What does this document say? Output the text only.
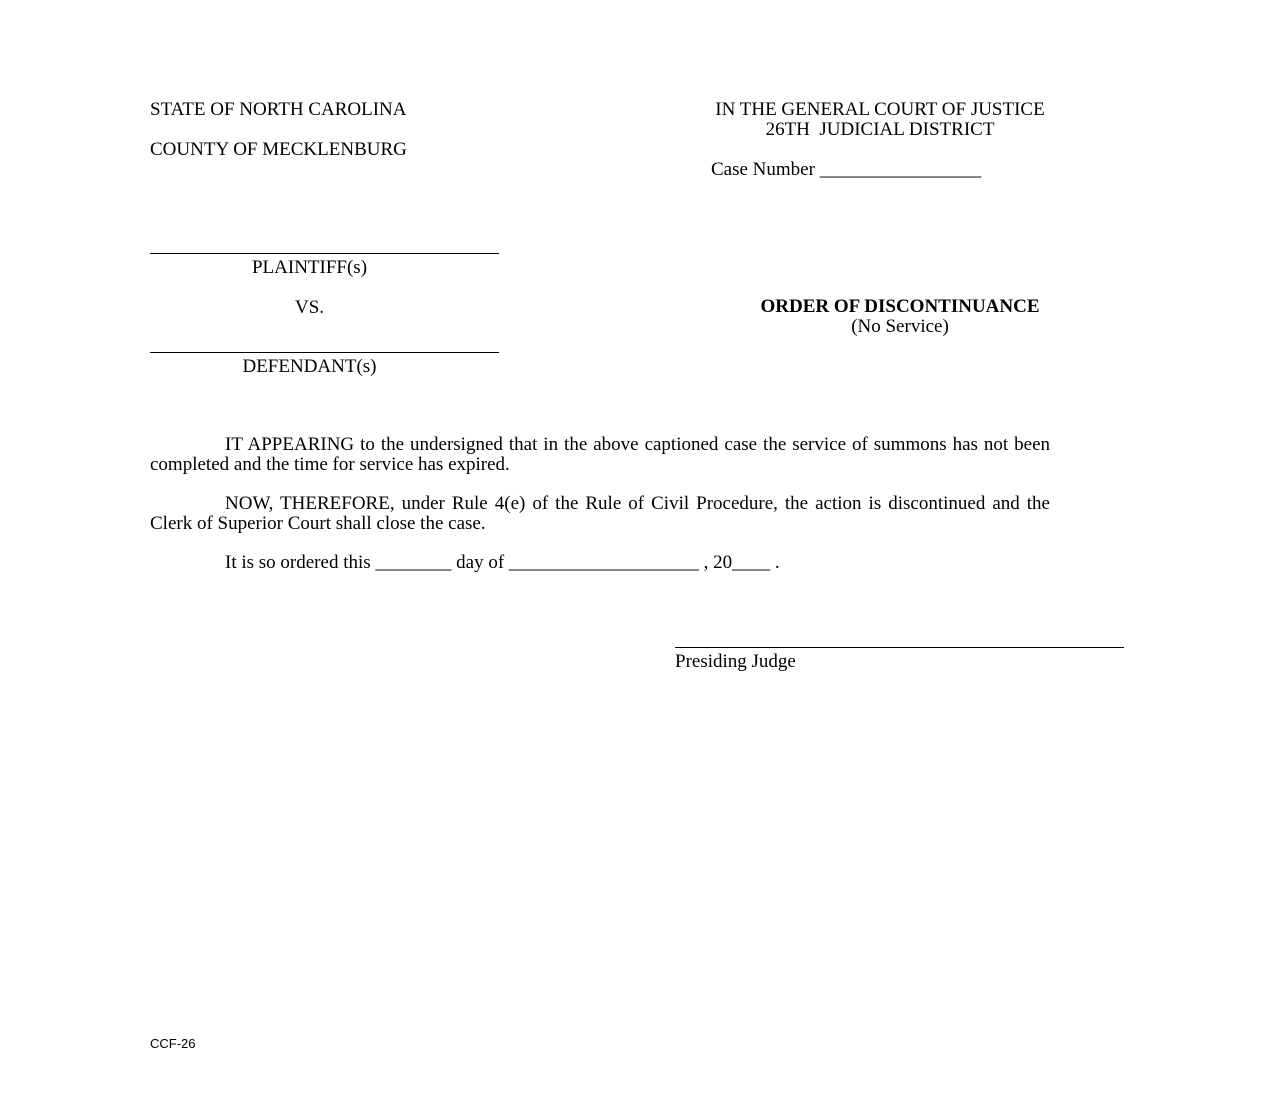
STATE OF NORTH CAROLINA

COUNTY OF MECKLENBURG

IN THE GENERAL COURT OF JUSTICE

26TH  JUDICIAL DISTRICT

Case Number _________________

PLAINTIFF(s)

VS.

DEFENDANT(s)

ORDER OF DISCONTINUANCE

(No Service)

IT APPEARING to the undersigned that in the above captioned case the service of summons has not been completed and the time for service has expired.

NOW, THEREFORE, under Rule 4(e) of the Rule of Civil Procedure, the action is discontinued and the Clerk of Superior Court shall close the case.

It is so ordered this ________ day of ____________________ , 20____ .

Presiding Judge

CCF-26
